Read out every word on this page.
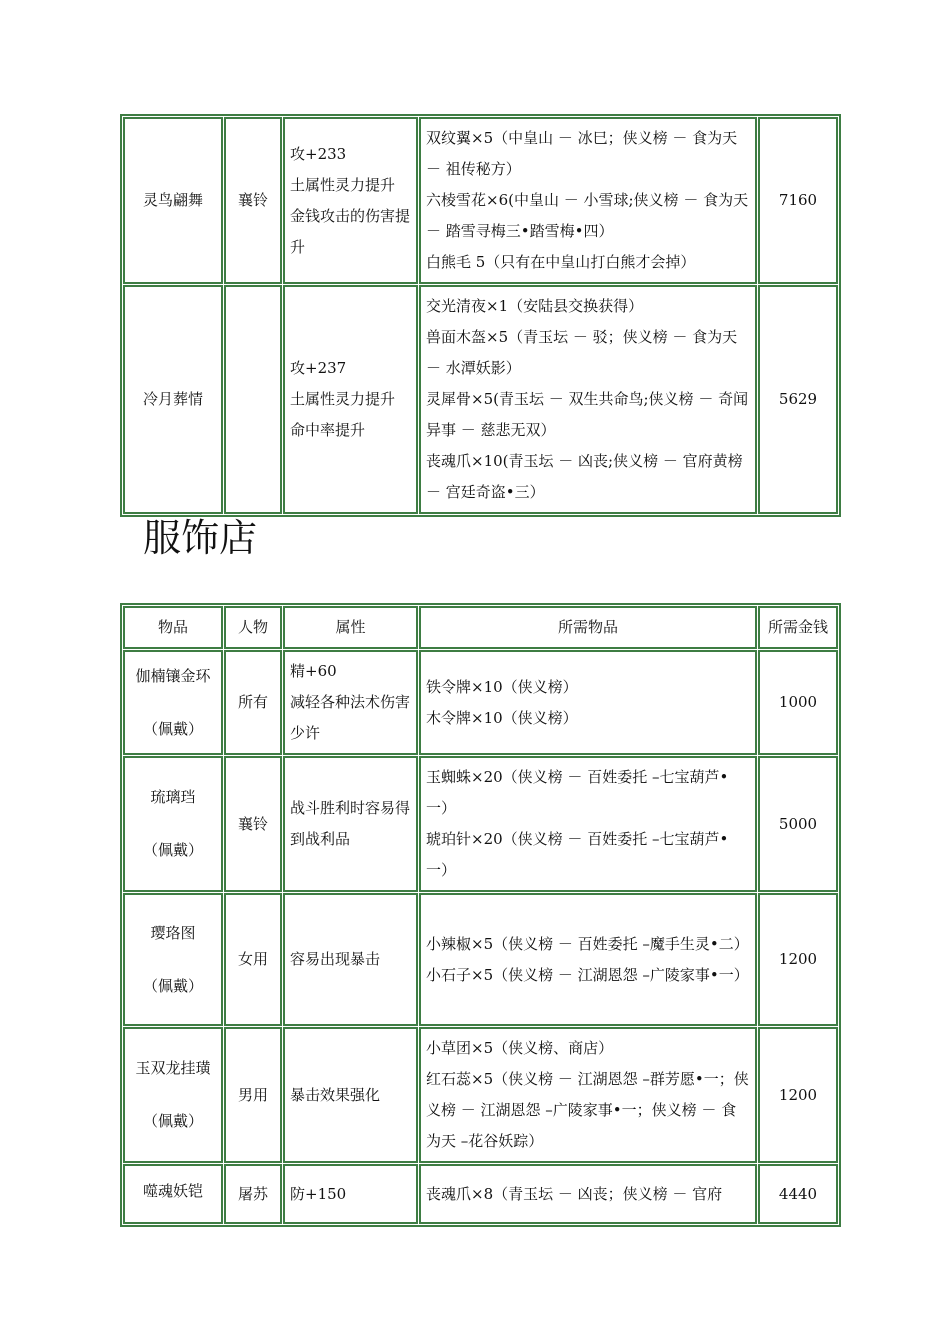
灵鸟翩舞	襄铃	攻+233
土属性灵力提升
金钱攻击的伤害提升	双纹翼×5（中皇山 － 冰巳；侠义榜 － 食为天 － 祖传秘方）
六棱雪花×6(中皇山 － 小雪球;侠义榜 － 食为天 － 踏雪寻梅三•踏雪梅•四）
白熊毛 5（只有在中皇山打白熊才会掉）	7160
冷月葬情		攻+237
土属性灵力提升
命中率提升	交光清夜×1（安陆县交换获得）
兽面木盔×5（青玉坛 － 驳；侠义榜 － 食为天 － 水潭妖影）
灵犀骨×5(青玉坛 － 双生共命鸟;侠义榜 － 奇闻异事 － 慈悲无双）
丧魂爪×10(青玉坛 － 凶丧;侠义榜 － 官府黄榜 － 宫廷奇盗•三）	5629
服饰店
物品	人物	属性	所需物品	所需金钱

伽楠镶金环
（佩戴）	所有	精+60
减轻各种法术伤害少许	铁令牌×10（侠义榜）
木令牌×10（侠义榜）	1000

琉璃珰
（佩戴）	襄铃	战斗胜利时容易得到战利品	玉蜘蛛×20（侠义榜 － 百姓委托 –七宝葫芦•一）
琥珀针×20（侠义榜 － 百姓委托 –七宝葫芦•一）	5000

璎珞图
（佩戴）	女用	容易出现暴击	小辣椒×5（侠义榜 － 百姓委托 –魔手生灵•二）
小石子×5（侠义榜 － 江湖恩怨 –广陵家事•一）	1200

玉双龙挂璜
（佩戴）	男用	暴击效果强化	小草团×5（侠义榜、商店）
红石蕊×5（侠义榜 － 江湖恩怨 –群芳愿•一；侠义榜 － 江湖恩怨 –广陵家事•一；侠义榜 － 食为天 –花谷妖踪）	1200
噬魂妖铠	屠苏	防+150	丧魂爪×8（青玉坛 － 凶丧；侠义榜 － 官府	4440
